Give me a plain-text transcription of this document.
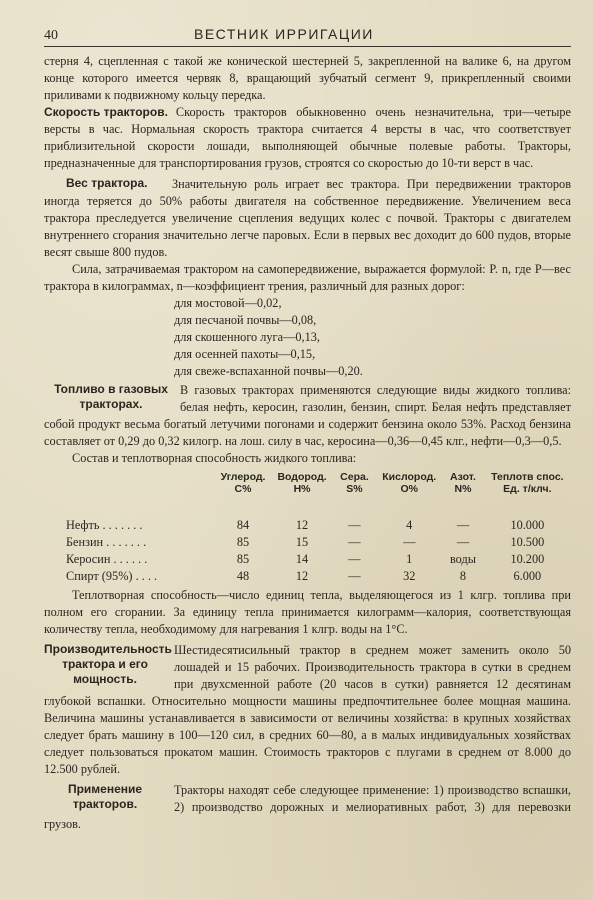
40	ВЕСТНИК ИРРИГАЦИИ

стерня 4, сцепленная с такой же конической шестерней 5, закрепленной на валике 6, на другом конце которого имеется червяк 8, вращающий зубчатый сегмент 9, прикрепленный своими приливами к подвижному кольцу передка.

Скорость тракторов. Скорость тракторов обыкновенно очень незначительна, три—четыре версты в час. Нормальная скорость трактора считается 4 версты в час, что соответствует приблизительной скорости лошади, выполняющей обычные полевые работы. Тракторы, предназначенные для транспортирования грузов, строятся со скоростью до 10-ти верст в час.

Вес трактора.	Значительную роль играет вес трактора. При передвижении тракторов иногда теряется до 50% работы двигателя на собственное передвижение. Увеличением веса трактора преследуется увеличение сцепления ведущих колес с почвой. Тракторы с двигателем внутреннего сгорания значительно легче паровых. Если в первых вес доходит до 600 пудов, вторые весят свыше 800 пудов.

Сила, затрачиваемая трактором на самопередвижение, выражается формулой: P. n, где P—вес трактора в килограммах, n—коэффициент трения, различный для разных дорог:

для мостовой—0,02,
для песчаной почвы—0,08,
для скошенного луга—0,13,
для осенней пахоты—0,15,
для свеже-вспаханной почвы—0,20.
Топливо в газовых тракторах.

В газовых тракторах применяются следующие виды жидкого топлива: белая нефть, керосин, газолин, бензин, спирт. Белая нефть представляет собой продукт весьма богатый летучими погонами и содержит бензина около 53%. Расход бензина составляет от 0,29 до 0,32 килогр. на лош. силу в час, керосина—0,36—0,45 клг., нефти—0,3—0,5.

Состав и теплотворная способность жидкого топлива:

	Углерод. C%	Водород. H%	Сера. S%	Кислород. O%	Азот. N%	Теплотв спос. Ед. т/клч.

Нефть . . . . . . .	84	12	—	4	—	10.000
Бензин . . . . . . .	85	15	—	—	—	10.500
Керосин . . . . . .	85	14	—	1	воды	10.200
Спирт (95%) . . . .	48	12	—	32	8	6.000

Теплотворная способность—число единиц тепла, выделяющегося из 1 клгр. топлива при полном его сгорании. За единицу тепла принимается килограмм—калория, соответствующая количеству тепла, необходимому для нагревания 1 клгр. воды на 1°C.

Производительность трактора и его мощность.

Шестидесятисильный трактор в среднем может заменить около 50 лошадей и 15 рабочих. Производительность трактора в сутки в среднем при двухсменной работе (20 часов в сутки) равняется 12 десятинам глубокой вспашки. Относительно мощности машины предпочтительнее более мощная машина. Величина машины устанавливается в зависимости от величины хозяйства: в крупных хозяйствах следует брать машину в 100—120 сил, в средних 60—80, а в малых индивидуальных хозяйствах следует пользоваться прокатом машин. Стоимость тракторов с плугами в среднем от 8.000 до 12.500 рублей.

Применение тракторов.

Тракторы находят себе следующее применение: 1) производство вспашки, 2) производство дорожных и мелиоративных работ, 3) для перевозки грузов.
